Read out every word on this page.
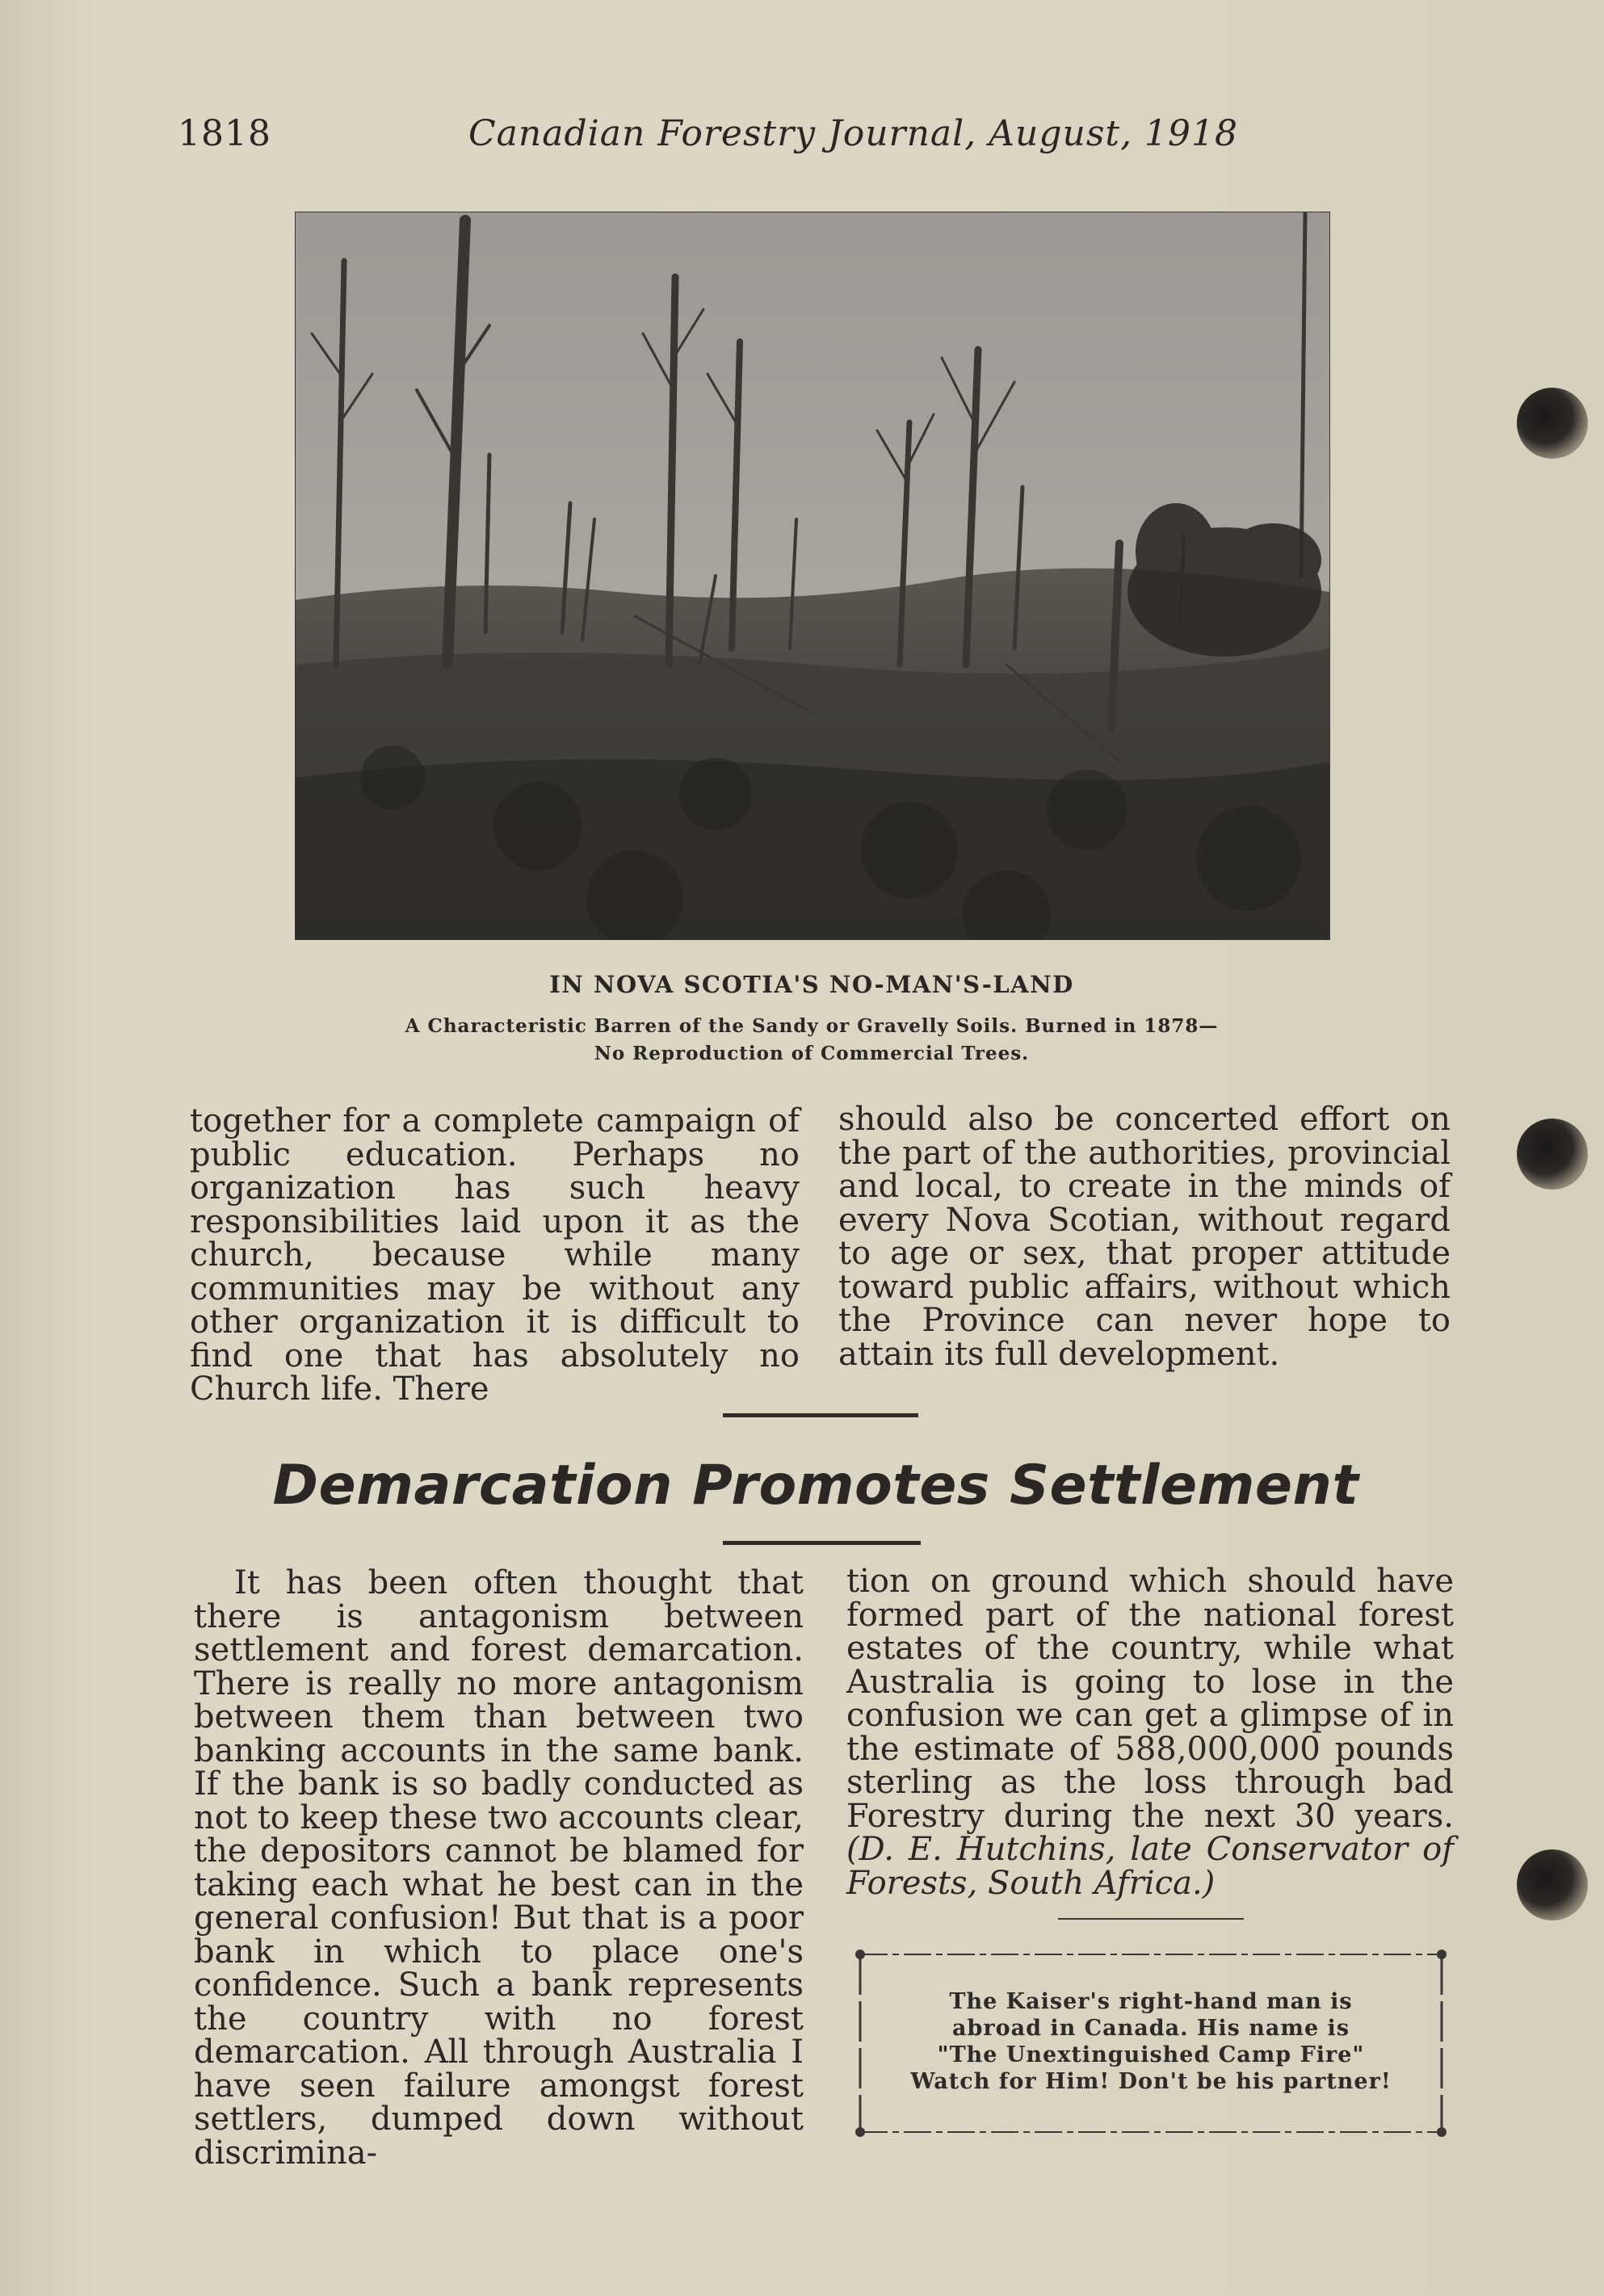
1818	Canadian Forestry Journal, August, 1918
IN NOVA SCOTIA'S NO-MAN'S-LAND
A Characteristic Barren of the Sandy or Gravelly Soils. Burned in 1878—
No Reproduction of Commercial Trees.

together for a complete campaign of public education. Perhaps no organization has such heavy responsibilities laid upon it as the church, because while many communities may be without any other organization it is difficult to find one that has absolutely no Church life. There

should also be concerted effort on the part of the authorities, provincial and local, to create in the minds of every Nova Scotian, without regard to age or sex, that proper attitude toward public affairs, without which the Province can never hope to attain its full development.

Demarcation Promotes Settlement

It has been often thought that there is antagonism between settlement and forest demarcation. There is really no more antagonism between them than between two banking accounts in the same bank. If the bank is so badly conducted as not to keep these two accounts clear, the depositors cannot be blamed for taking each what he best can in the general confusion! But that is a poor bank in which to place one's confidence. Such a bank represents the country with no forest demarcation. All through Australia I have seen failure amongst forest settlers, dumped down without discrimina-

tion on ground which should have formed part of the national forest estates of the country, while what Australia is going to lose in the confusion we can get a glimpse of in the estimate of 588,000,000 pounds sterling as the loss through bad Forestry during the next 30 years. (D. E. Hutchins, late Conservator of Forests, South Africa.)

The Kaiser's right-hand man is
abroad in Canada. His name is
"The Unextinguished Camp Fire"
Watch for Him! Don't be his partner!
